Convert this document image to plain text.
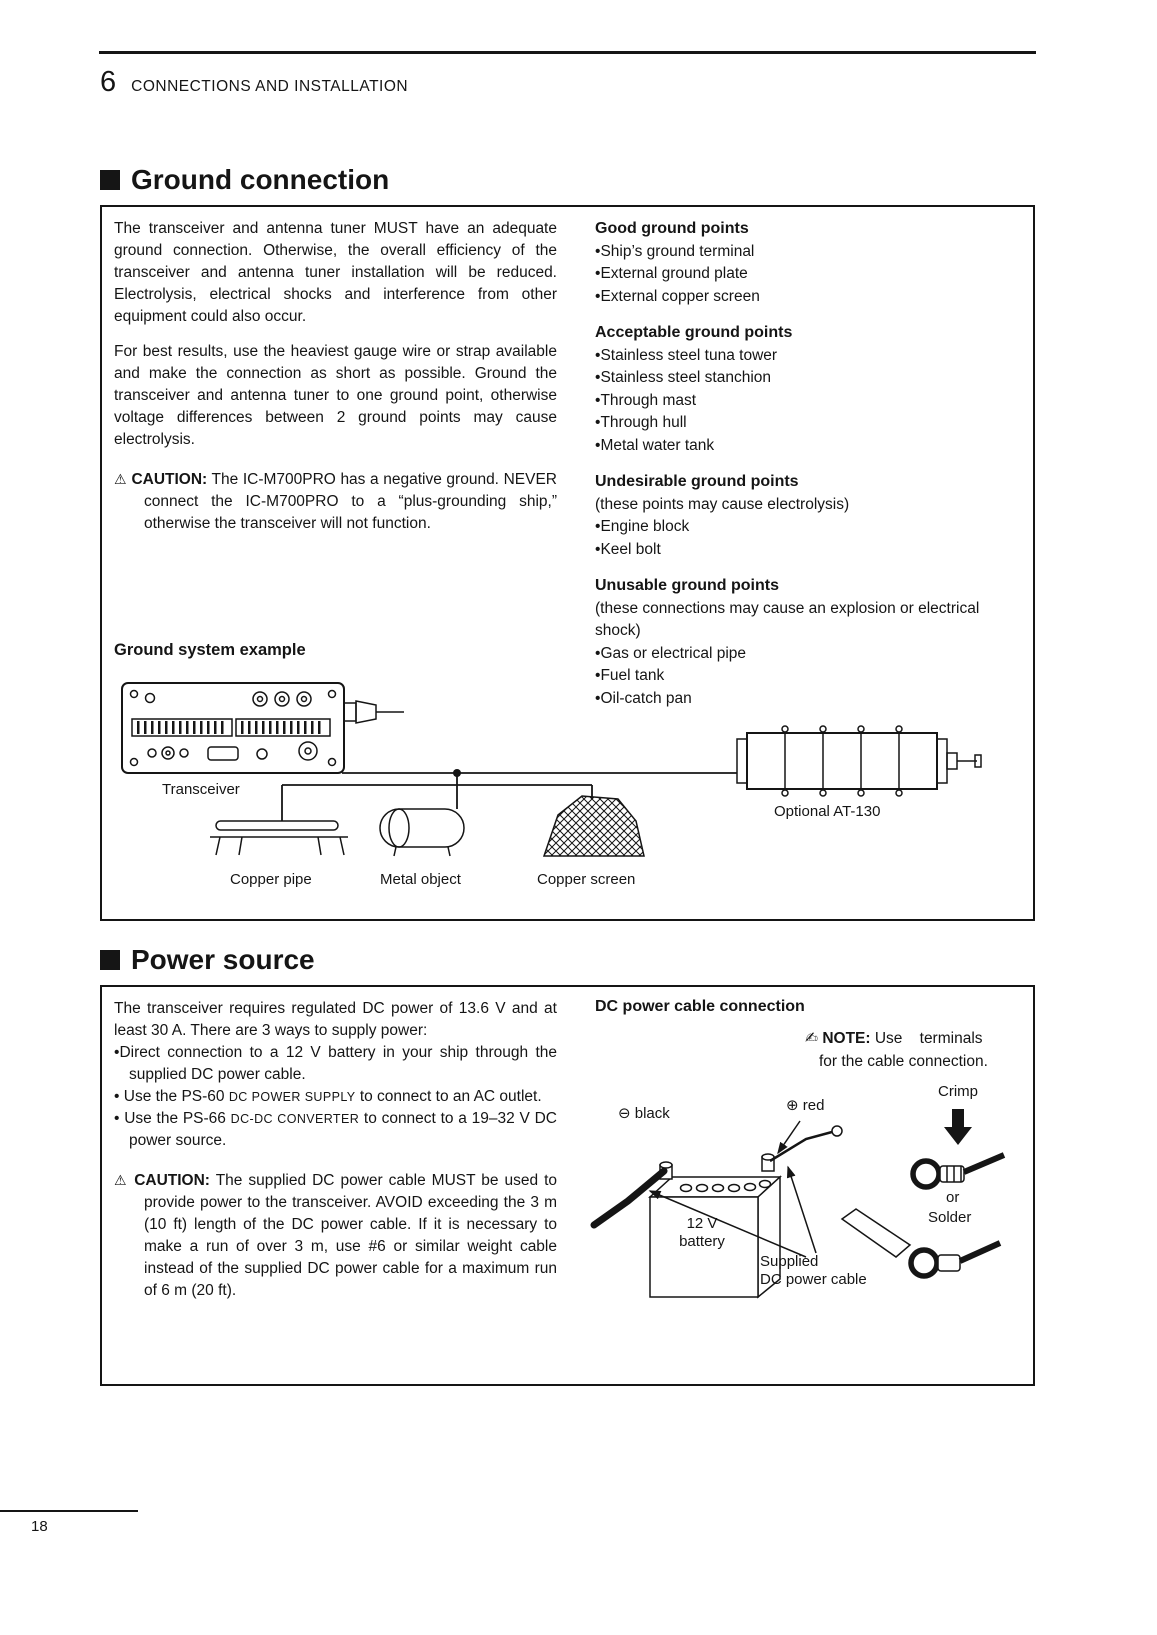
6 CONNECTIONS AND INSTALLATION
Ground connection
The transceiver and antenna tuner MUST have an adequate ground connection. Otherwise, the overall efficiency of the transceiver and antenna tuner installation will be reduced. Electrolysis, electrical shocks and interference from other equipment could also occur.
For best results, use the heaviest gauge wire or strap available and make the connection as short as possible. Ground the transceiver and antenna tuner to one ground point, otherwise voltage differences between 2 ground points may cause electrolysis.
⚠ CAUTION: The IC-M700PRO has a negative ground. NEVER connect the IC-M700PRO to a “plus-grounding ship,” otherwise the transceiver will not function.
Ground system example
Good ground points
• Ship’s ground terminal
• External ground plate
• External copper screen
Acceptable ground points
• Stainless steel tuna tower
• Stainless steel stanchion
• Through mast
• Through hull
• Metal water tank
Undesirable ground points
(these points may cause electrolysis)
• Engine block
• Keel bolt
Unusable ground points
(these connections may cause an explosion or electrical shock)
• Gas or electrical pipe
• Fuel tank
• Oil-catch pan
Transceiver
Copper pipe	Metal object	Copper screen
Optional AT-130
Power source
The transceiver requires regulated DC power of 13.6 V and at least 30 A. There are 3 ways to supply power:
• Direct connection to a 12 V battery in your ship through the supplied DC power cable.
• Use the PS-60 DC POWER SUPPLY to connect to an AC outlet.
• Use the PS-66 DC-DC CONVERTER to connect to a 19–32 V DC power source.
⚠ CAUTION: The supplied DC power cable MUST be used to provide power to the transceiver. AVOID exceeding the 3 m (10 ft) length of the DC power cable. If it is necessary to make a run of over 3 m, use #6 or similar weight cable instead of the supplied DC power cable for a maximum run of 6 m (20 ft).
DC power cable connection
✍ NOTE: Use    terminals
for the cable connection.
⊖ black	⊕ red
Crimp
or
Solder
12 V
battery
Supplied
DC power cable
18
